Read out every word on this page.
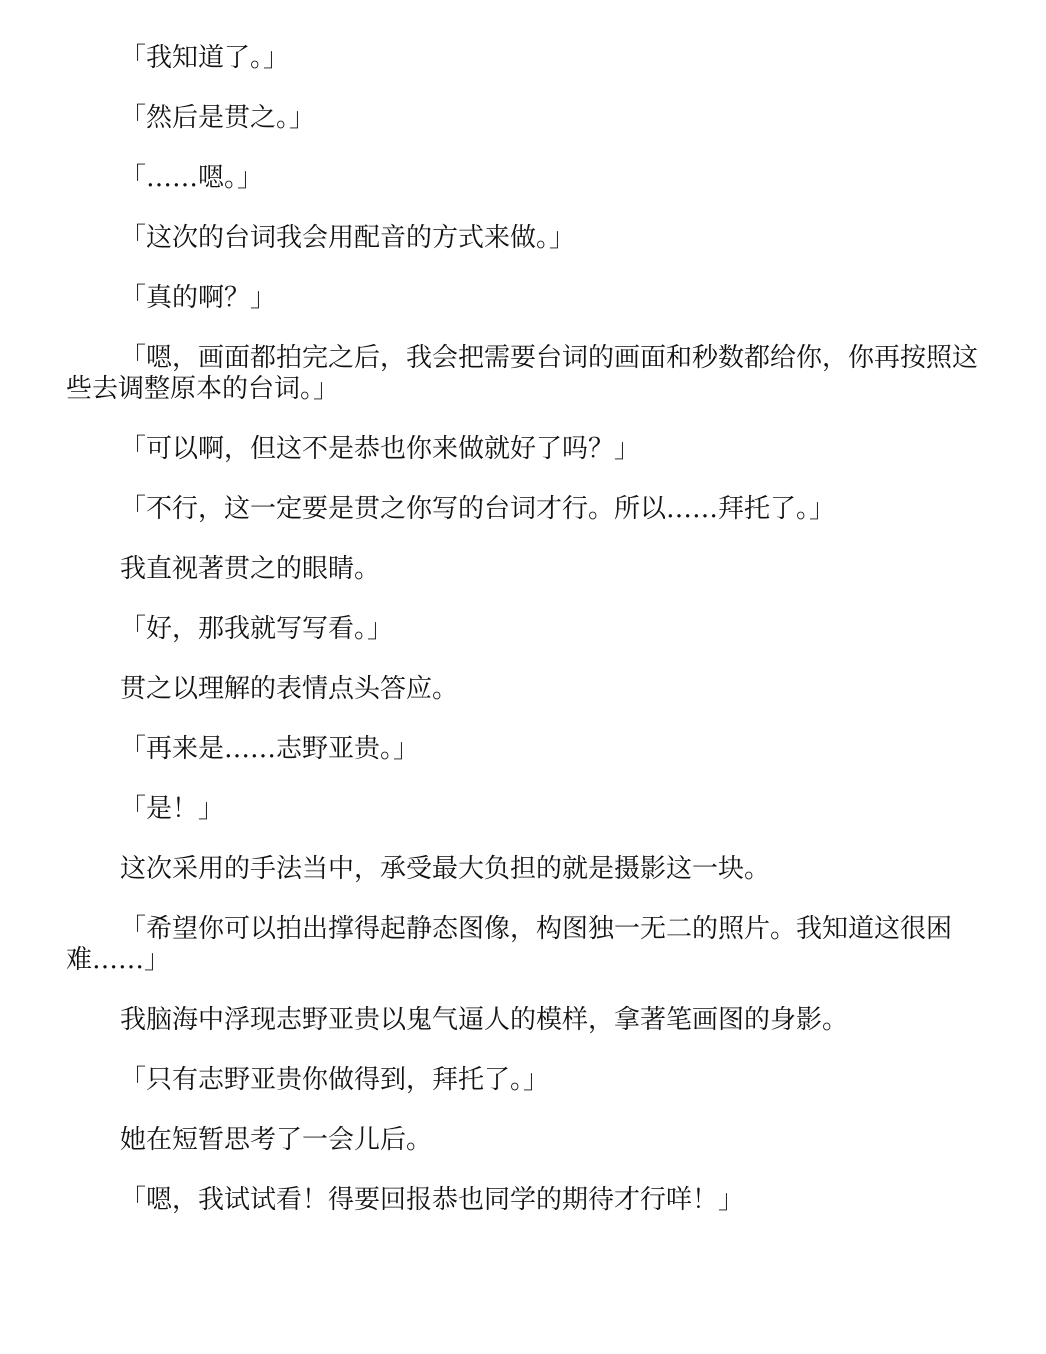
「我知道了。」

「然后是贯之。」

「……嗯。」

「这次的台词我会用配音的方式来做。」

「真的啊？」

「嗯，画面都拍完之后，我会把需要台词的画面和秒数都给你，你再按照这些去调整原本的台词。」

「可以啊，但这不是恭也你来做就好了吗？」

「不行，这一定要是贯之你写的台词才行。所以……拜托了。」

我直视著贯之的眼睛。

「好，那我就写写看。」

贯之以理解的表情点头答应。

「再来是……志野亚贵。」

「是！」

这次采用的手法当中，承受最大负担的就是摄影这一块。

「希望你可以拍出撑得起静态图像，构图独一无二的照片。我知道这很困难……」

我脑海中浮现志野亚贵以鬼气逼人的模样，拿著笔画图的身影。

「只有志野亚贵你做得到，拜托了。」

她在短暂思考了一会儿后。

「嗯，我试试看！得要回报恭也同学的期待才行咩！」
